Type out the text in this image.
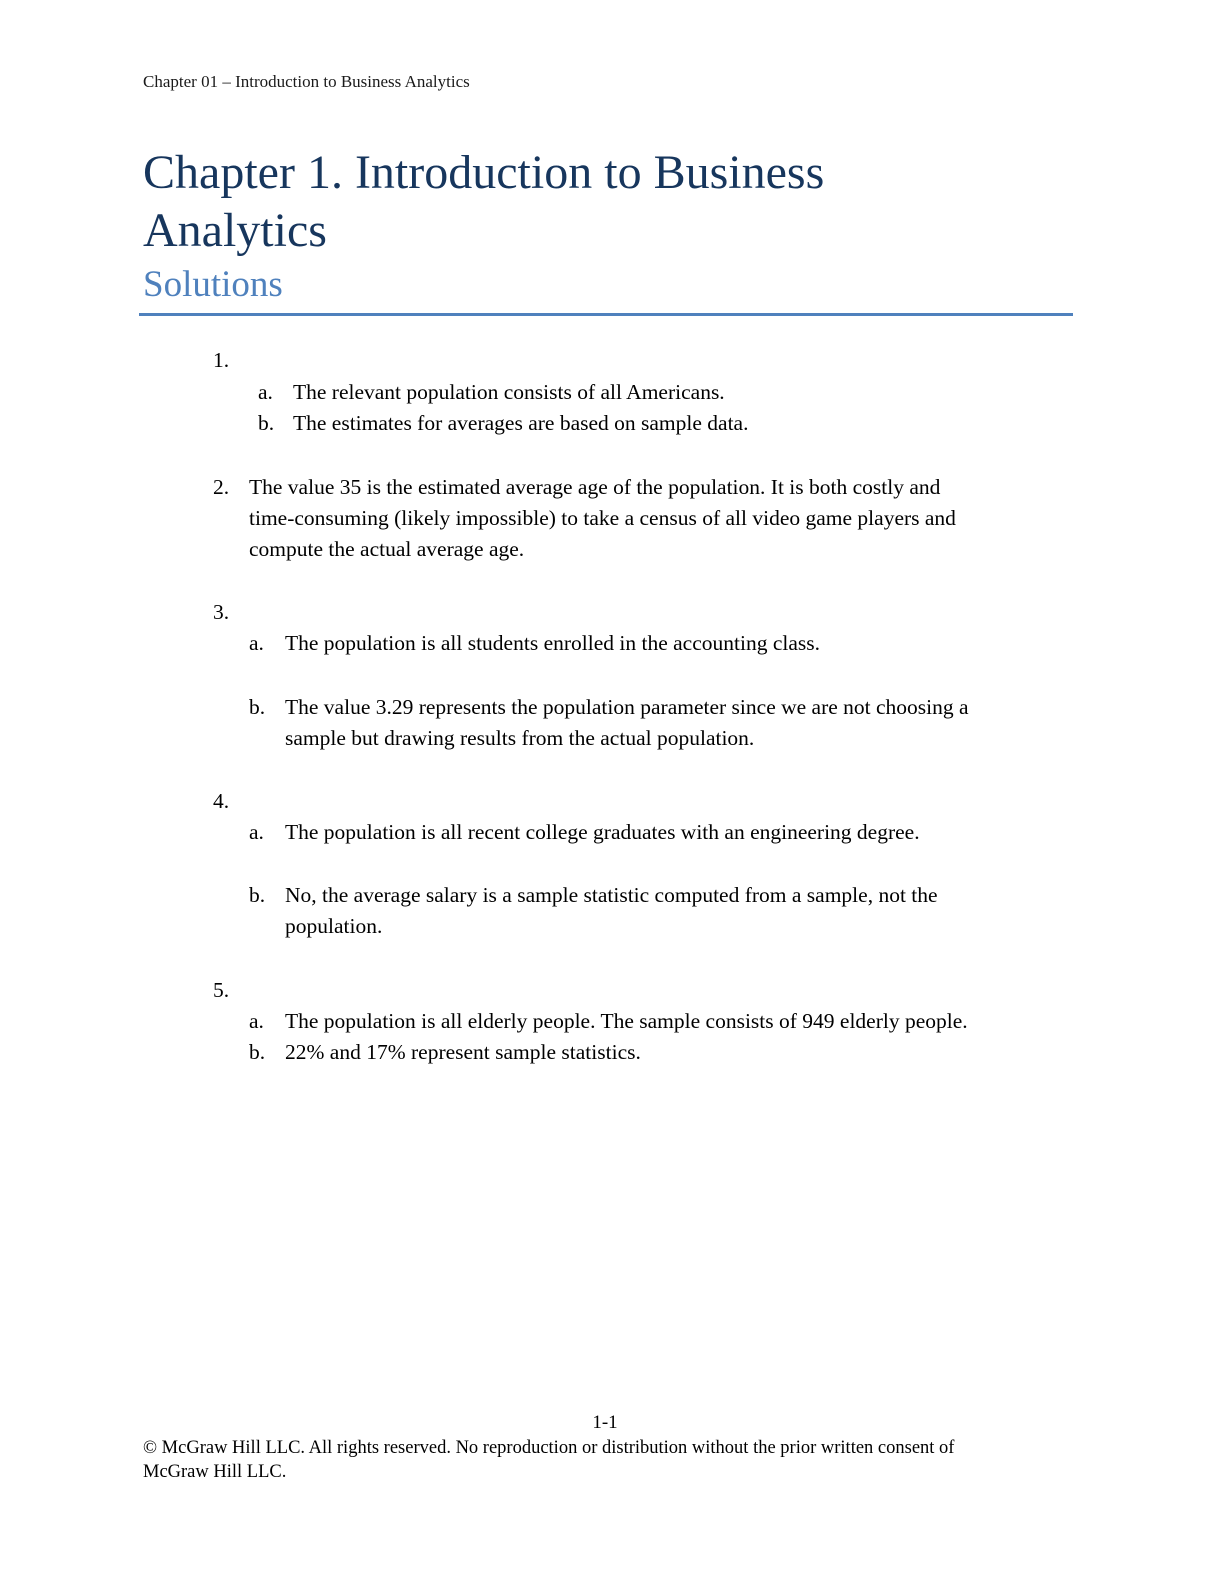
Chapter 01 – Introduction to Business Analytics
Chapter 1. Introduction to Business
Analytics
Solutions
1.
a. The relevant population consists of all Americans.
b. The estimates for averages are based on sample data.
2. The value 35 is the estimated average age of the population. It is both costly and
time-consuming (likely impossible) to take a census of all video game players and
compute the actual average age.
3.
a. The population is all students enrolled in the accounting class.
b. The value 3.29 represents the population parameter since we are not choosing a
sample but drawing results from the actual population.
4.
a. The population is all recent college graduates with an engineering degree.
b. No, the average salary is a sample statistic computed from a sample, not the
population.
5.
a. The population is all elderly people. The sample consists of 949 elderly people.
b. 22% and 17% represent sample statistics.
1-1
© McGraw Hill LLC. All rights reserved. No reproduction or distribution without the prior written consent of
McGraw Hill LLC.
